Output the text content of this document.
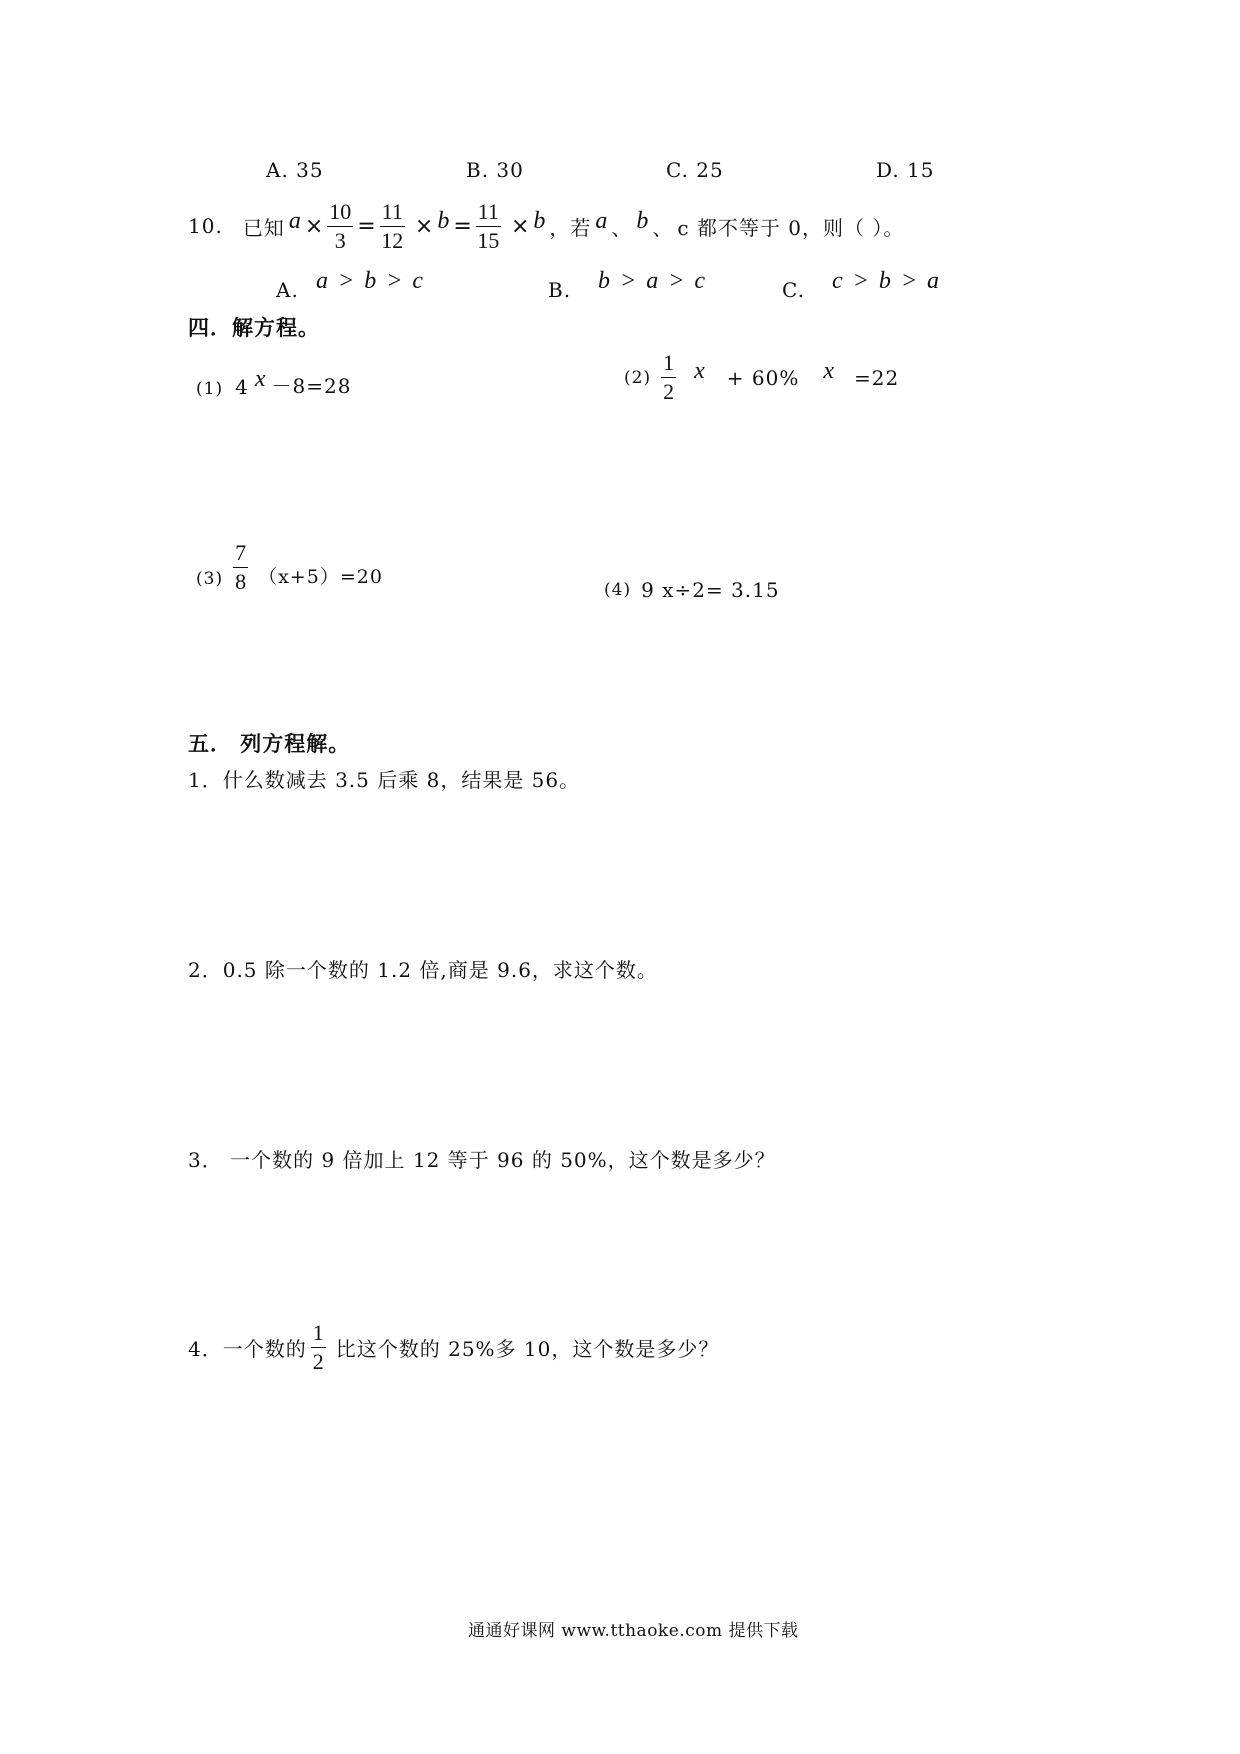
A. 35	B. 30	C. 25	D. 15
10. 已知 $a \times \frac{10}{3} = \frac{11}{12} \times b = \frac{11}{15} \times b$ ，若 a 、 b 、 c 都不等于 0，则（ ）。
A. a > b > c	B. b > a > c	C. c > b > a
四．解方程。
(1) 4 x －8=28	$(2) \frac{1}{2}$ x + 60% x =22
$(3) \frac{7}{8} (x+5)=20$
(4) 9 x÷2= 3.15
五． 列方程解。
1．什么数减去 3.5 后乘 8，结果是 56。
2．0.5 除一个数的 1.2 倍,商是 9.6，求这个数。
3． 一个数的 9 倍加上 12 等于 96 的 50%，这个数是多少？
4．一个数的 $\frac{1}{2}$ 比这个数的 25%多 10，这个数是多少？
通通好课网 www.tthaoke.com 提供下载
